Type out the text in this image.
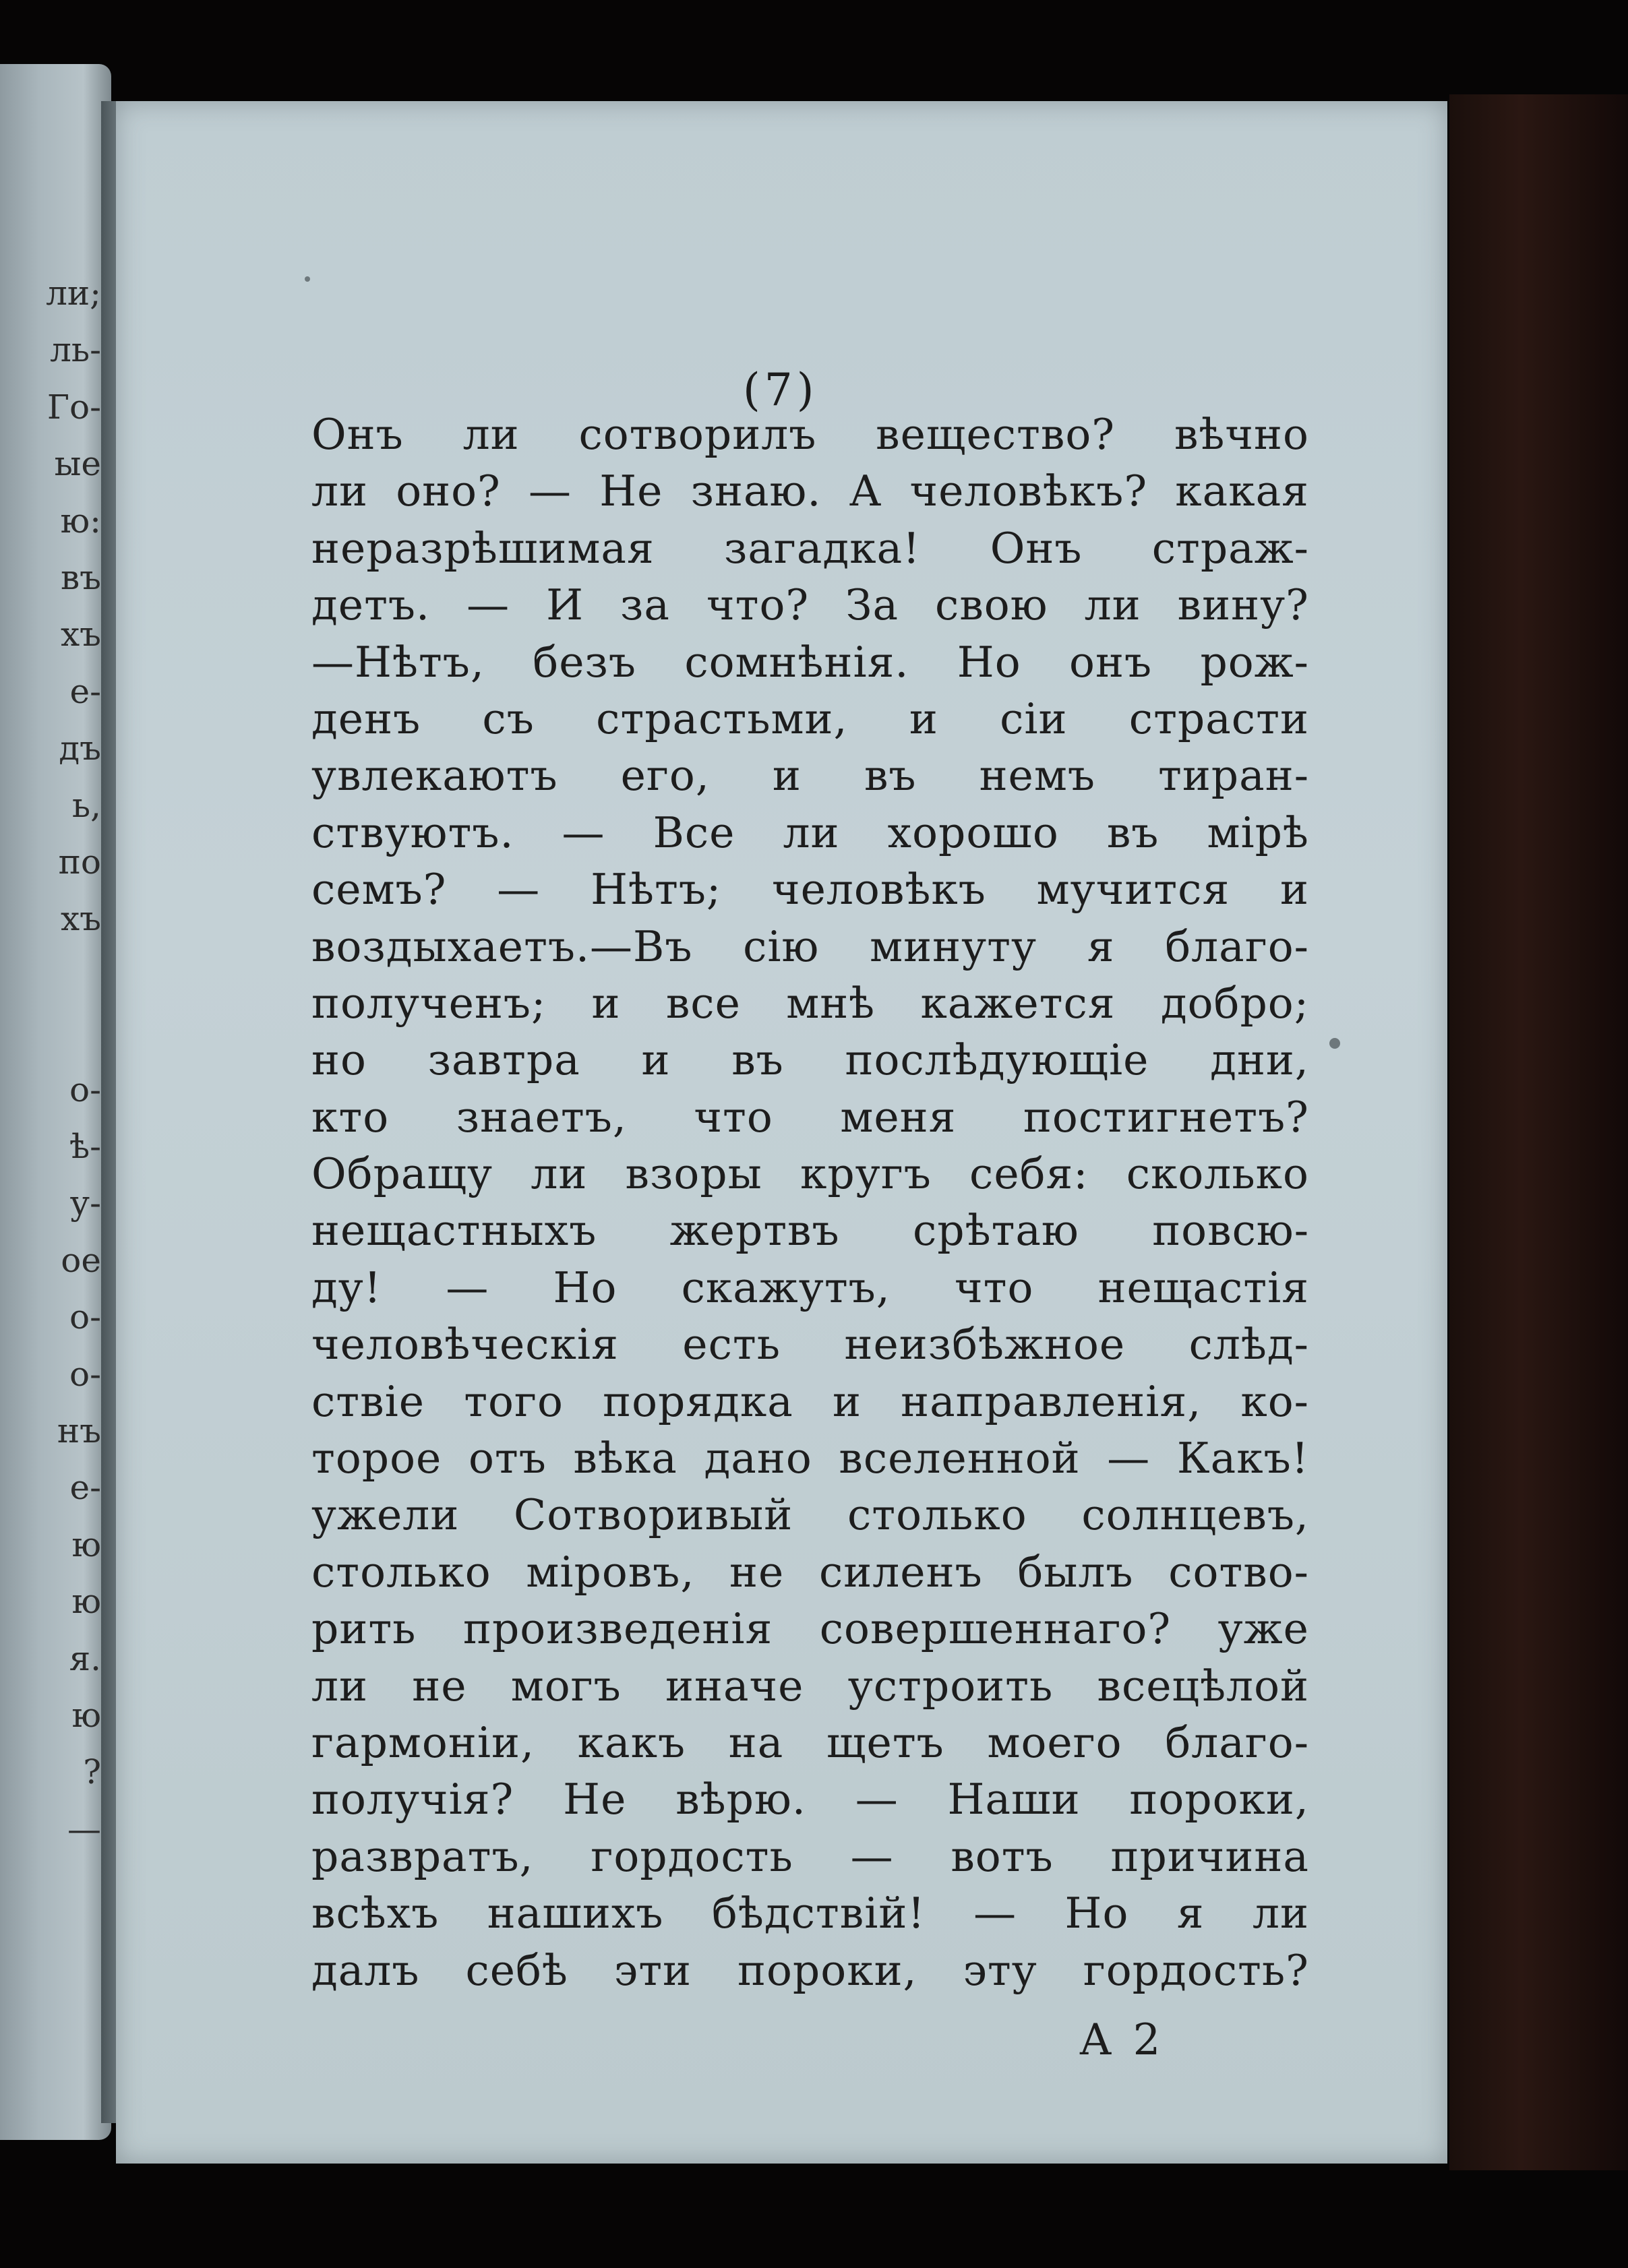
ли;
ль-
Го-
ые
ю:
въ
хъ
е-
дъ
ь,
по
хъ
о-
ѣ-
у-
ое
о-
о-
нъ
е-
ю
ю
я.
ю
?
—
(7)
Онъ ли сотворилъ вещество? вѣчно
ли оно? — Не знаю. А человѣкъ? какая
неразрѣшимая загадка! Онъ страж-
детъ. — И за что? За свою ли вину?
—Нѣтъ, безъ сомнѣнія. Но онъ рож-
денъ съ страстьми, и сіи страсти
увлекаютъ его, и въ немъ тиран-
ствуютъ. — Все ли хорошо въ мірѣ
семъ? — Нѣтъ; человѣкъ мучится и
воздыхаетъ.—Въ сію минуту я благо-
полученъ; и все мнѣ кажется добро;
но завтра и въ послѣдующіе дни,
кто знаетъ, что меня постигнетъ?
Обращу ли взоры кругъ себя: сколько
нещастныхъ жертвъ срѣтаю повсю-
ду! — Но скажутъ, что нещастія
человѣческія есть неизбѣжное слѣд-
ствіе того порядка и направленія, ко-
торое отъ вѣка дано вселенной — Какъ!
ужели Сотворивый столько солнцевъ,
столько міровъ, не силенъ былъ сотво-
рить произведенія совершеннаго? уже
ли не могъ иначе устроить всецѣлой
гармоніи, какъ на щетъ моего благо-
получія? Не вѣрю. — Наши пороки,
развратъ, гордость — вотъ причина
всѣхъ нашихъ бѣдствій! — Но я ли
далъ себѣ эти пороки, эту гордость?
A 2
